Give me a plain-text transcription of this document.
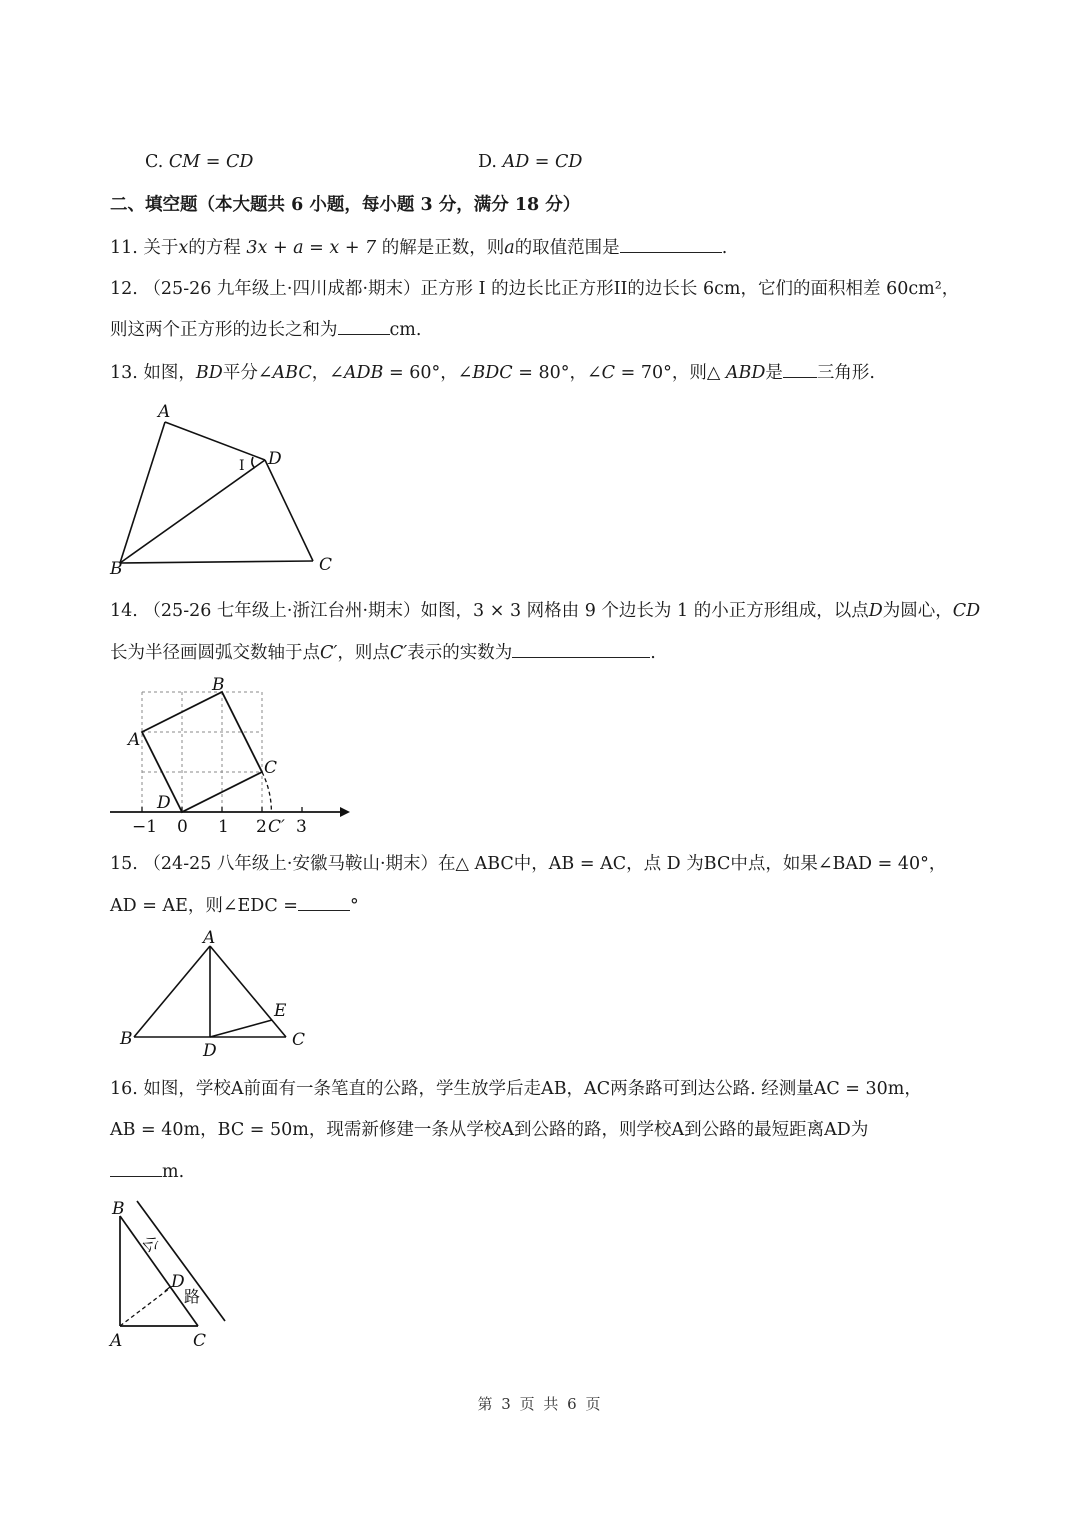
C. CM = CD	D. AD = CD
二、填空题（本大题共 6 小题，每小题 3 分，满分 18 分）
11. 关于x的方程 3x + a = x + 7 的解是正数，则a的取值范围是	.
12. （25-26 九年级上·四川成都·期末）正方形 I 的边长比正方形II的边长长 6cm，它们的面积相差 60cm²，
则这两个正方形的边长之和为	cm.
13. 如图，BD平分∠ABC，∠ADB = 60°，∠BDC = 80°，∠C = 70°，则△ ABD是 三角形.
A
B	C
D
I
14. （25-26 七年级上·浙江台州·期末）如图，3 × 3 网格由 9 个边长为 1 的小正方形组成，以点D为圆心，CD
长为半径画圆弧交数轴于点C′，则点C′表示的实数为	.
B
A
C
D
−1 0 1 2 C′ 3
15. （24-25 八年级上·安徽马鞍山·期末）在△ ABC中，AB = AC，点 D 为BC中点，如果∠BAD = 40°，
AD = AE，则∠EDC =	°
A
B	C
D
E
16. 如图，学校A前面有一条笔直的公路，学生放学后走AB，AC两条路可到达公路. 经测量AC = 30m，
AB = 40m，BC = 50m，现需新修建一条从学校A到公路的路，则学校A到公路的最短距离AD为
m.
B
A	C
D
公
路
第 3 页 共 6 页
